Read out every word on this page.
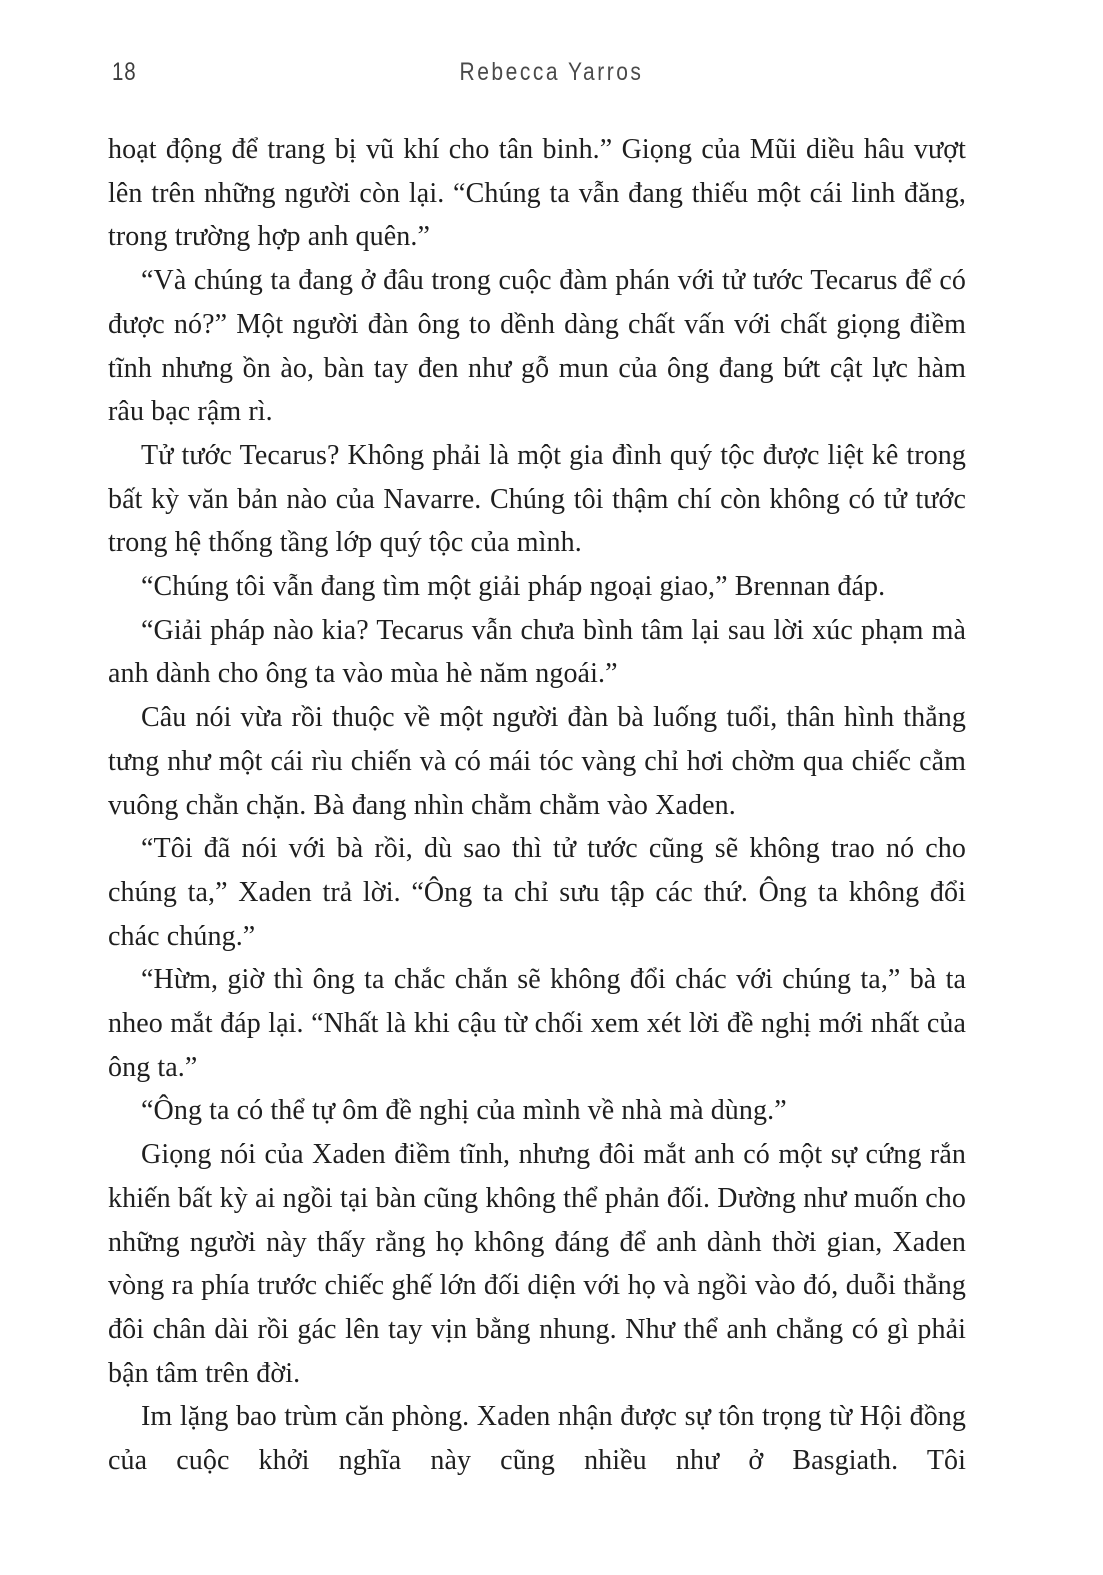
18	Rebecca Yarros

hoạt động để trang bị vũ khí cho tân binh.” Giọng của Mũi diều hâu vượt lên trên những người còn lại. “Chúng ta vẫn đang thiếu một cái linh đăng, trong trường hợp anh quên.”

“Và chúng ta đang ở đâu trong cuộc đàm phán với tử tước Tecarus để có được nó?” Một người đàn ông to dềnh dàng chất vấn với chất giọng điềm tĩnh nhưng ồn ào, bàn tay đen như gỗ mun của ông đang bứt cật lực hàm râu bạc rậm rì.

Tử tước Tecarus? Không phải là một gia đình quý tộc được liệt kê trong bất kỳ văn bản nào của Navarre. Chúng tôi thậm chí còn không có tử tước trong hệ thống tầng lớp quý tộc của mình.

“Chúng tôi vẫn đang tìm một giải pháp ngoại giao,” Brennan đáp.

“Giải pháp nào kia? Tecarus vẫn chưa bình tâm lại sau lời xúc phạm mà anh dành cho ông ta vào mùa hè năm ngoái.”

Câu nói vừa rồi thuộc về một người đàn bà luống tuổi, thân hình thẳng tưng như một cái rìu chiến và có mái tóc vàng chỉ hơi chờm qua chiếc cằm vuông chằn chặn. Bà đang nhìn chằm chằm vào Xaden.

“Tôi đã nói với bà rồi, dù sao thì tử tước cũng sẽ không trao nó cho chúng ta,” Xaden trả lời. “Ông ta chỉ sưu tập các thứ. Ông ta không đổi chác chúng.”

“Hừm, giờ thì ông ta chắc chắn sẽ không đổi chác với chúng ta,” bà ta nheo mắt đáp lại. “Nhất là khi cậu từ chối xem xét lời đề nghị mới nhất của ông ta.”

“Ông ta có thể tự ôm đề nghị của mình về nhà mà dùng.”

Giọng nói của Xaden điềm tĩnh, nhưng đôi mắt anh có một sự cứng rắn khiến bất kỳ ai ngồi tại bàn cũng không thể phản đối. Dường như muốn cho những người này thấy rằng họ không đáng để anh dành thời gian, Xaden vòng ra phía trước chiếc ghế lớn đối diện với họ và ngồi vào đó, duỗi thẳng đôi chân dài rồi gác lên tay vịn bằng nhung. Như thể anh chẳng có gì phải bận tâm trên đời.

Im lặng bao trùm căn phòng. Xaden nhận được sự tôn trọng từ Hội đồng của cuộc khởi nghĩa này cũng nhiều như ở Basgiath. Tôi
